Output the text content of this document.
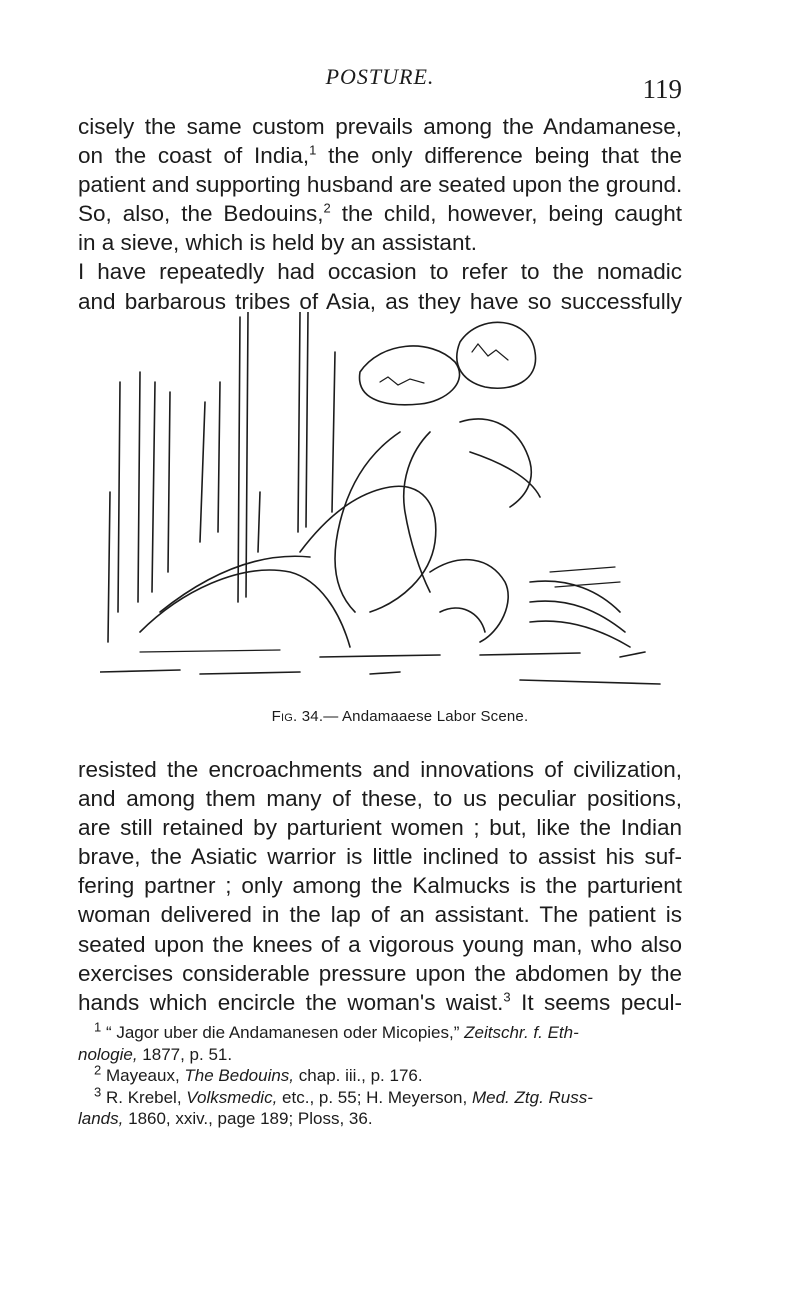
POSTURE.	119
cisely the same custom prevails among the Andamanese,
on the coast of India,$^1$ the only difference being that the
patient and supporting husband are seated upon the ground.
So, also, the Bedouins,$^2$ the child, however, being caught
in a sieve, which is held by an assistant.
I have repeatedly had occasion to refer to the nomadic
and barbarous tribes of Asia, as they have so successfully
Fig. 34.— Andamaaese Labor Scene.
resisted the encroachments and innovations of civilization,
and among them many of these, to us peculiar positions,
are still retained by parturient women ; but, like the Indian
brave, the Asiatic warrior is little inclined to assist his suf-
fering partner ; only among the Kalmucks is the parturient
woman delivered in the lap of an assistant. The patient is
seated upon the knees of a vigorous young man, who also
exercises considerable pressure upon the abdomen by the
hands which encircle the woman's waist.$^3$ It seems pecul-
$^1$ “ Jagor uber die Andamanesen oder Micopies,” Zeitschr. f. Eth-
nologie, 1877, p. 51.
$^2$ Mayeaux, The Bedouins, chap. iii., p. 176.
$^3$ R. Krebel, Volksmedic, etc., p. 55; H. Meyerson, Med. Ztg. Russ-
lands, 1860, xxiv., page 189; Ploss, 36.
